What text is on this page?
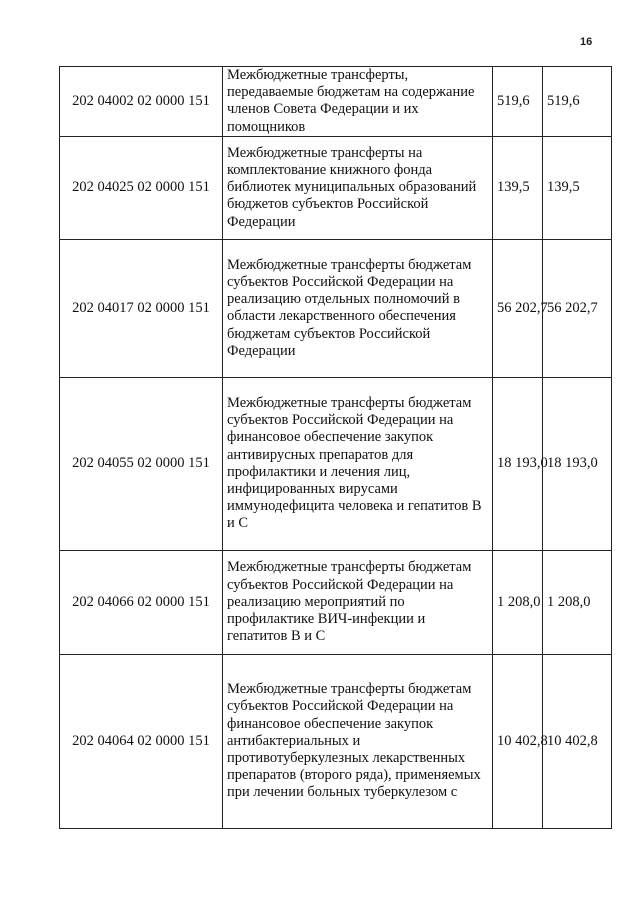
16
202 04002 02 0000 151	Межбюджетные трансферты, передаваемые бюджетам на содержание членов Совета Федерации и их помощников	519,6	519,6
202 04025 02 0000 151	Межбюджетные трансферты на комплектование книжного фонда библиотек муниципальных образований бюджетов субъектов Российской Федерации	139,5	139,5
202 04017 02 0000 151	Межбюджетные трансферты бюджетам субъектов Российской Федерации на реализацию отдельных полномочий в области лекарственного обеспечения бюджетам субъектов Российской Федерации	56 202,7	56 202,7
202 04055 02 0000 151	Межбюджетные трансферты бюджетам субъектов Российской Федерации на финансовое обеспечение закупок антивирусных препаратов для профилактики и лечения лиц, инфицированных вирусами иммунодефицита человека и гепатитов В и С	18 193,0	18 193,0
202 04066 02 0000 151	Межбюджетные трансферты бюджетам субъектов Российской Федерации на реализацию мероприятий по профилактике ВИЧ-инфекции и гепатитов В и С	1 208,0	1 208,0
202 04064 02 0000 151	Межбюджетные трансферты бюджетам субъектов Российской Федерации на финансовое обеспечение закупок антибактериальных и противотуберкулезных лекарственных препаратов (второго ряда), применяемых при лечении больных туберкулезом с	10 402,8	10 402,8
